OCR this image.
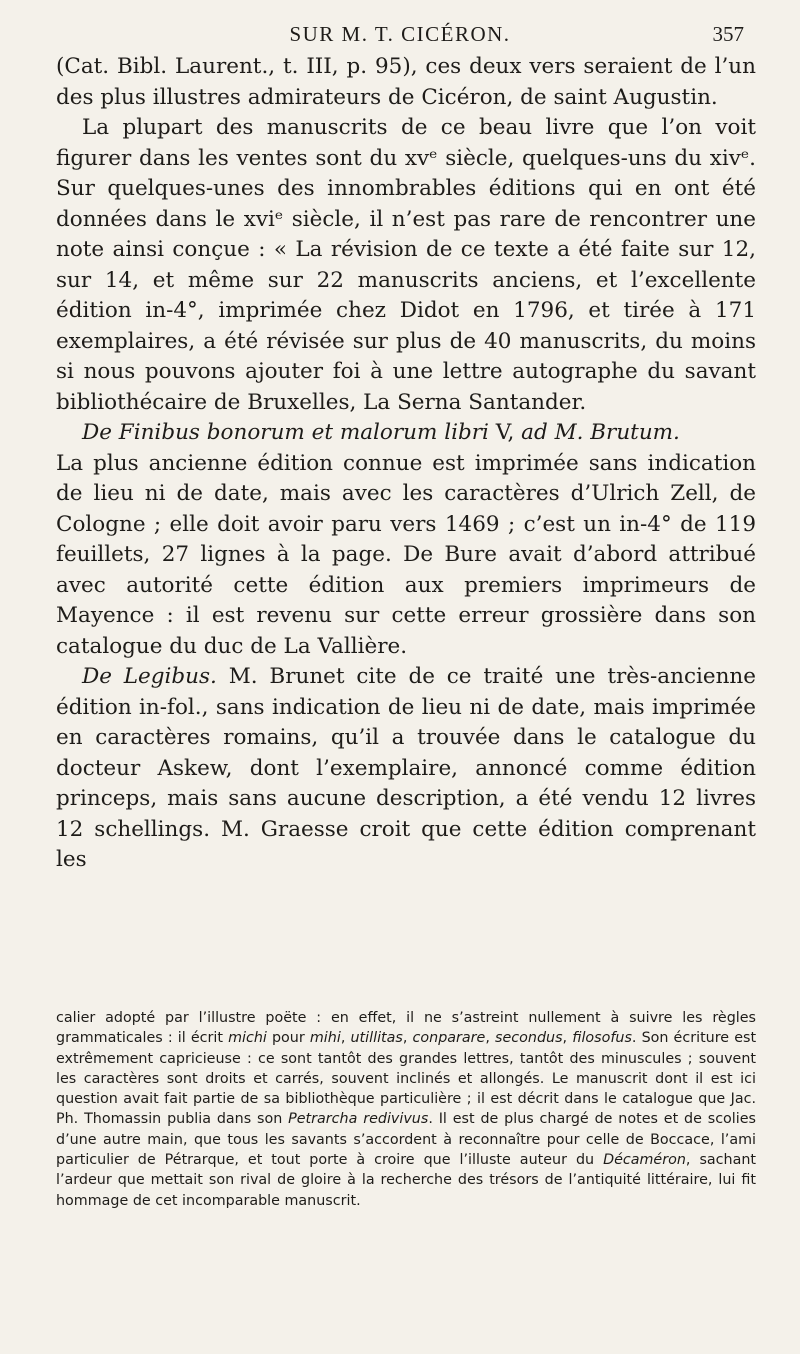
SUR M. T. CICÉRON.	357

(Cat. Bibl. Laurent., t. III, p. 95), ces deux vers seraient de l’un des plus illustres admirateurs de Cicéron, de saint Augustin.

La plupart des manuscrits de ce beau livre que l’on voit figurer dans les ventes sont du xvᵉ siècle, quelques-uns du xivᵉ. Sur quelques-unes des innombrables éditions qui en ont été données dans le xviᵉ siècle, il n’est pas rare de rencontrer une note ainsi conçue : « La révision de ce texte a été faite sur 12, sur 14, et même sur 22 manuscrits anciens, et l’excellente édition in-4°, imprimée chez Didot en 1796, et tirée à 171 exemplaires, a été révisée sur plus de 40 manuscrits, du moins si nous pouvons ajouter foi à une lettre autographe du savant bibliothécaire de Bruxelles, La Serna Santander.

De Finibus bonorum et malorum libri V, ad M. Brutum.

La plus ancienne édition connue est imprimée sans indication de lieu ni de date, mais avec les caractères d’Ulrich Zell, de Cologne ; elle doit avoir paru vers 1469 ; c’est un in-4° de 119 feuillets, 27 lignes à la page. De Bure avait d’abord attribué avec autorité cette édition aux premiers imprimeurs de Mayence : il est revenu sur cette erreur grossière dans son catalogue du duc de La Vallière.

De Legibus. M. Brunet cite de ce traité une très-ancienne édition in-fol., sans indication de lieu ni de date, mais imprimée en caractères romains, qu’il a trouvée dans le catalogue du docteur Askew, dont l’exemplaire, annoncé comme édition princeps, mais sans aucune description, a été vendu 12 livres 12 schellings. M. Graesse croit que cette édition comprenant les

calier adopté par l’illustre poëte : en effet, il ne s’astreint nullement à suivre les règles grammaticales : il écrit michi pour mihi, utillitas, conparare, secondus, filosofus. Son écriture est extrêmement capricieuse : ce sont tantôt des grandes lettres, tantôt des minuscules ; souvent les caractères sont droits et carrés, souvent inclinés et allongés. Le manuscrit dont il est ici question avait fait partie de sa bibliothèque particulière ; il est décrit dans le catalogue que Jac. Ph. Thomassin publia dans son Petrarcha redivivus. Il est de plus chargé de notes et de scolies d’une autre main, que tous les savants s’accordent à reconnaître pour celle de Boccace, l’ami particulier de Pétrarque, et tout porte à croire que l’illuste auteur du Décaméron, sachant l’ardeur que mettait son rival de gloire à la recherche des trésors de l’antiquité littéraire, lui fit hommage de cet incomparable manuscrit.
